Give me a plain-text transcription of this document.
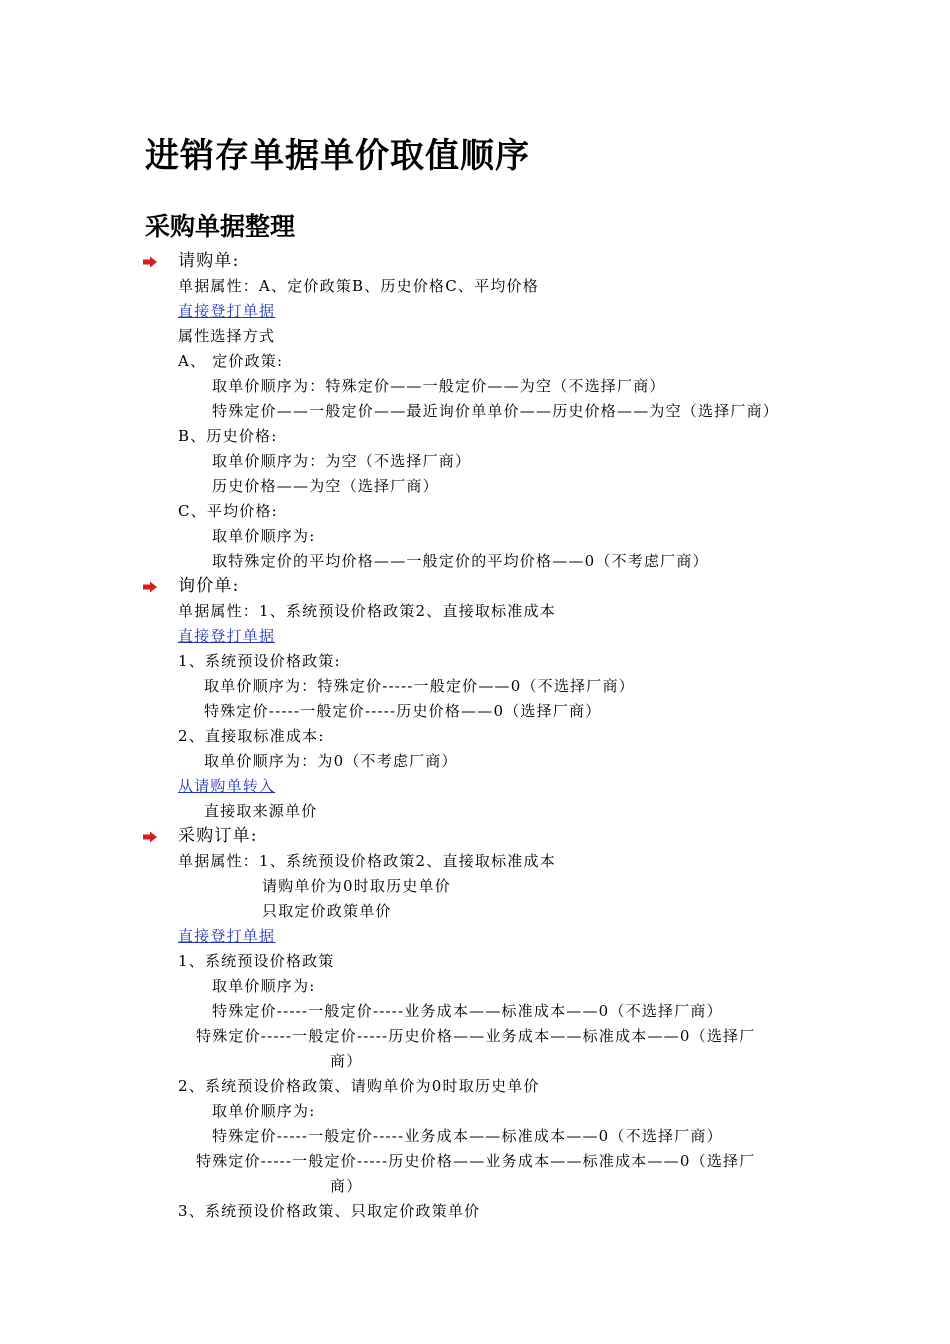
进销存单据单价取值顺序
采购单据整理
请购单:
单据属性：A、定价政策B、历史价格C、平均价格
直接登打单据
属性选择方式
A、 定价政策:
取单价顺序为：特殊定价——一般定价——为空（不选择厂商）
特殊定价——一般定价——最近询价单单价——历史价格——为空（选择厂商）
B、历史价格:
取单价顺序为：为空（不选择厂商）
历史价格——为空（选择厂商）
C、平均价格:
取单价顺序为:
取特殊定价的平均价格——一般定价的平均价格——0（不考虑厂商）
询价单:
单据属性：1、系统预设价格政策2、直接取标准成本
直接登打单据
1、系统预设价格政策:
取单价顺序为：特殊定价-----一般定价——0（不选择厂商）
特殊定价-----一般定价-----历史价格——0（选择厂商）
2、直接取标准成本:
取单价顺序为：为0（不考虑厂商）
从请购单转入
直接取来源单价
采购订单:
单据属性：1、系统预设价格政策2、直接取标准成本
请购单价为0时取历史单价
只取定价政策单价
直接登打单据
1、系统预设价格政策
取单价顺序为:
特殊定价-----一般定价-----业务成本——标准成本——0（不选择厂商）
特殊定价-----一般定价-----历史价格——业务成本——标准成本——0（选择厂
商）
2、系统预设价格政策、请购单价为0时取历史单价
取单价顺序为:
特殊定价-----一般定价-----业务成本——标准成本——0（不选择厂商）
特殊定价-----一般定价-----历史价格——业务成本——标准成本——0（选择厂
商）
3、系统预设价格政策、只取定价政策单价
